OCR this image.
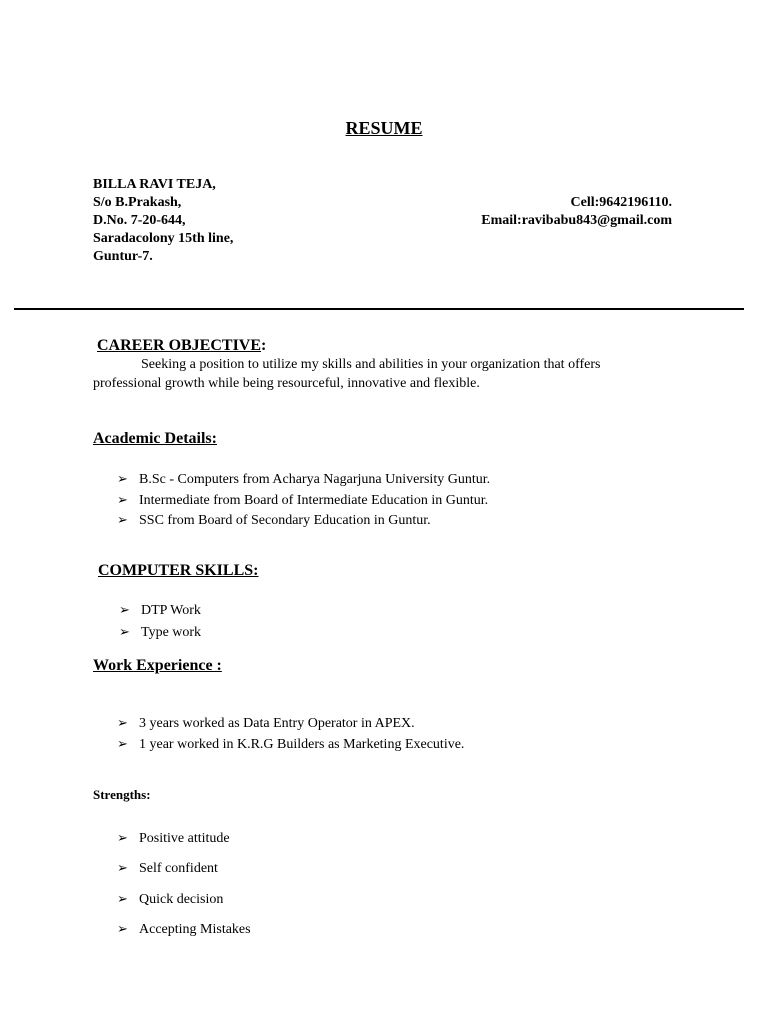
RESUME
BILLA RAVI TEJA,
S/o B.Prakash,
D.No. 7-20-644,
Saradacolony 15th line,
Guntur-7.
Cell:9642196110.
Email:ravibabu843@gmail.com
CAREER OBJECTIVE:
Seeking a position to utilize my skills and abilities in your organization that offers
professional growth while being resourceful, innovative and flexible.
Academic Details:
➢ B.Sc - Computers from Acharya Nagarjuna University Guntur.
➢ Intermediate from Board of Intermediate Education in Guntur.
➢ SSC from Board of Secondary Education in Guntur.
COMPUTER SKILLS:
➢ DTP Work
➢ Type work
Work Experience :
➢ 3 years worked as Data Entry Operator in APEX.
➢ 1 year worked in K.R.G Builders as Marketing Executive.
Strengths:
➢ Positive attitude
➢ Self confident
➢ Quick decision
➢ Accepting Mistakes
